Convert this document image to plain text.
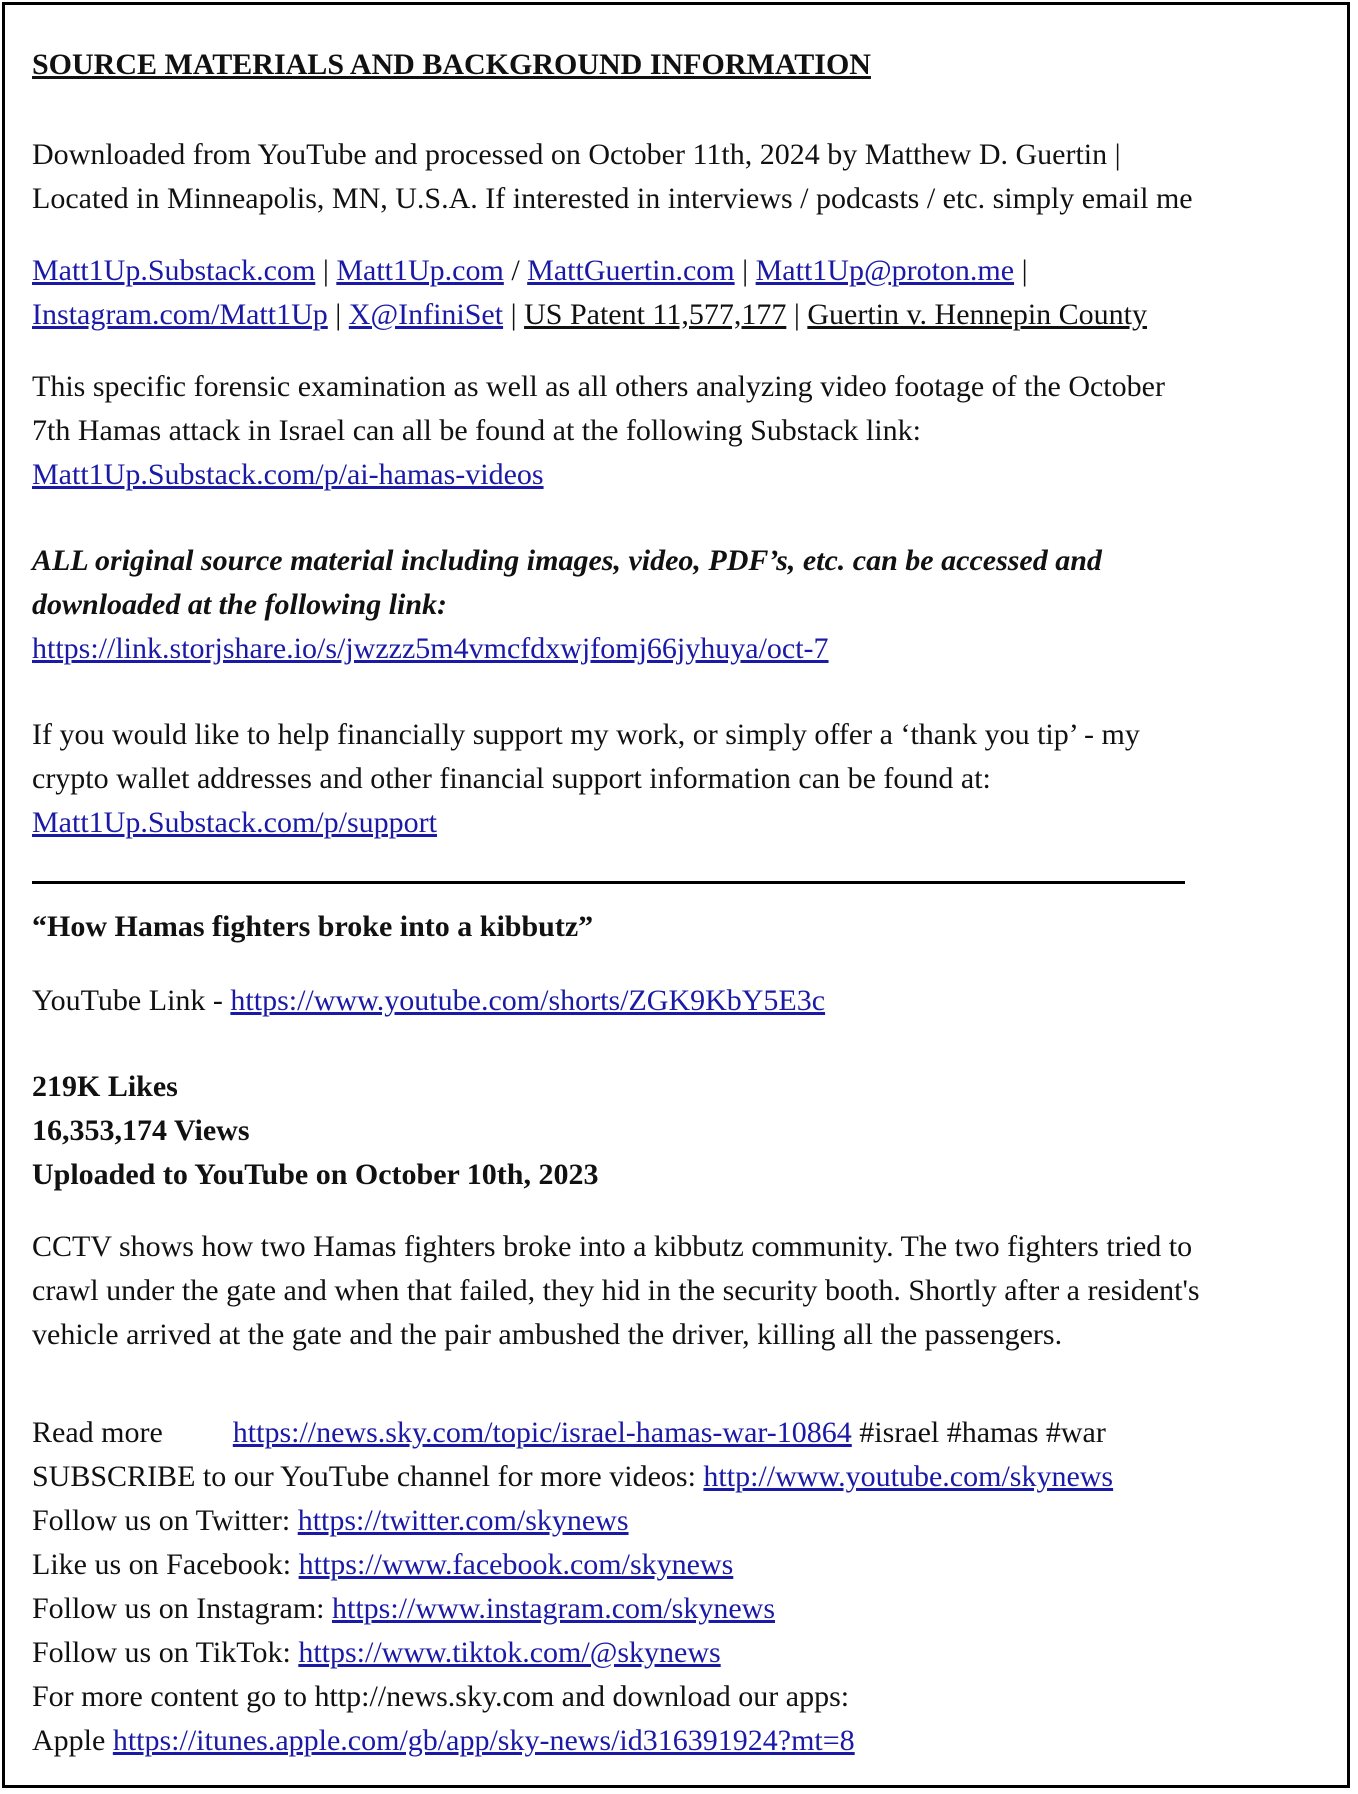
SOURCE MATERIALS AND BACKGROUND INFORMATION

Downloaded from YouTube and processed on October 11th, 2024 by Matthew D. Guertin |

Located in Minneapolis, MN, U.S.A. If interested in interviews / podcasts / etc. simply email me

Matt1Up.Substack.com | Matt1Up.com / MattGuertin.com | Matt1Up@proton.me |

Instagram.com/Matt1Up | X@InfiniSet | US Patent 11,577,177 | Guertin v. Hennepin County

This specific forensic examination as well as all others analyzing video footage of the October

7th Hamas attack in Israel can all be found at the following Substack link:

Matt1Up.Substack.com/p/ai-hamas-videos

ALL original source material including images, video, PDF’s, etc. can be accessed and

downloaded at the following link:

https://link.storjshare.io/s/jwzzz5m4vmcfdxwjfomj66jyhuya/oct-7

If you would like to help financially support my work, or simply offer a ‘thank you tip’ - my

crypto wallet addresses and other financial support information can be found at:

Matt1Up.Substack.com/p/support

“How Hamas fighters broke into a kibbutz”

YouTube Link - https://www.youtube.com/shorts/ZGK9KbY5E3c

219K Likes

16,353,174 Views

Uploaded to YouTube on October 10th, 2023

CCTV shows how two Hamas fighters broke into a kibbutz community. The two fighters tried to

crawl under the gate and when that failed, they hid in the security booth. Shortly after a resident's

vehicle arrived at the gate and the pair ambushed the driver, killing all the passengers.

Read more https://news.sky.com/topic/israel-hamas-war-10864 #israel #hamas #war

SUBSCRIBE to our YouTube channel for more videos: http://www.youtube.com/skynews

Follow us on Twitter: https://twitter.com/skynews

Like us on Facebook: https://www.facebook.com/skynews

Follow us on Instagram: https://www.instagram.com/skynews

Follow us on TikTok: https://www.tiktok.com/@skynews

For more content go to http://news.sky.com and download our apps:

Apple https://itunes.apple.com/gb/app/sky-news/id316391924?mt=8
